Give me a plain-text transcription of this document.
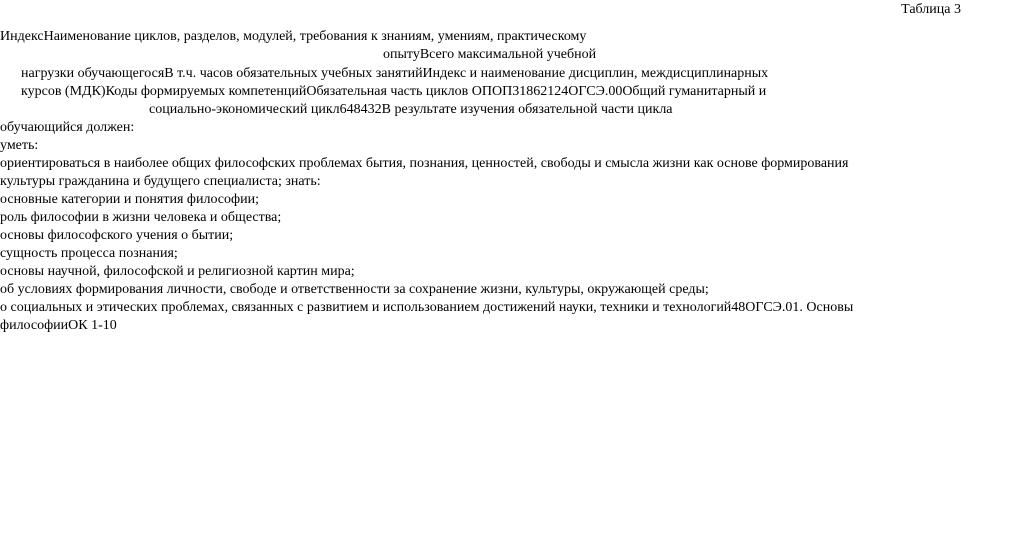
Таблица 3
ИндексНаименование циклов, разделов, модулей, требования к знаниям, умениям, практическому
опытуВсего максимальной учебной
нагрузки обучающегосяВ т.ч. часов обязательных учебных занятийИндекс и наименование дисциплин, междисциплинарных
курсов (МДК)Коды формируемых компетенцийОбязательная часть циклов ОПОП31862124ОГСЭ.00Общий гуманитарный и
социально-экономический цикл648432В результате изучения обязательной части цикла
обучающийся должен:
уметь:
ориентироваться в наиболее общих философских проблемах бытия, познания, ценностей, свободы и смысла жизни как основе формирования
культуры гражданина и будущего специалиста; знать:
основные категории и понятия философии;
роль философии в жизни человека и общества;
основы философского учения о бытии;
сущность процесса познания;
основы научной, философской и религиозной картин мира;
об условиях формирования личности, свободе и ответственности за сохранение жизни, культуры, окружающей среды;
о социальных и этических проблемах, связанных с развитием и использованием достижений науки, техники и технологий48ОГСЭ.01. Основы
философииОК 1-10
